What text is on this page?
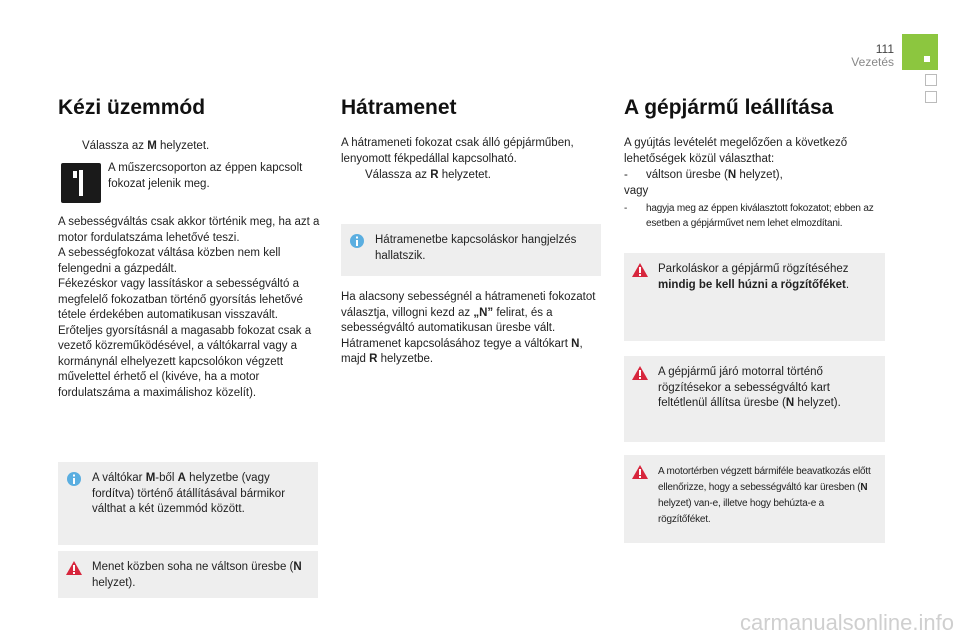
111
Vezetés
Kézi üzemmód
Válassza az M helyzetet.
A műszercsoporton az éppen kapcsolt fokozat jelenik meg.
A sebességváltás csak akkor történik meg, ha azt a motor fordulatszáma lehetővé teszi.
A sebességfokozat váltása közben nem kell felengedni a gázpedált.
Fékezéskor vagy lassításkor a sebességváltó a megfelelő fokozatban történő gyorsítás lehetővé tétele érdekében automatikusan visszavált.
Erőteljes gyorsításnál a magasabb fokozat csak a vezető közreműködésével, a váltókarral vagy a kormánynál elhelyezett kapcsolókon végzett művelettel érhető el (kivéve, ha a motor fordulatszáma a maximálishoz közelít).
A váltókar M-ből A helyzetbe (vagy fordítva) történő átállításával bármikor válthat a két üzemmód között.
Menet közben soha ne váltson üresbe (N helyzet).
Hátramenet
A hátrameneti fokozat csak álló gépjárműben, lenyomott fékpedállal kapcsolható.
Válassza az R helyzetet.
Hátramenetbe kapcsoláskor hangjelzés hallatszik.
Ha alacsony sebességnél a hátrameneti fokozatot választja, villogni kezd az „N” felirat, és a sebességváltó automatikusan üresbe vált. Hátramenet kapcsolásához tegye a váltókart N, majd R helyzetbe.
A gépjármű leállítása
A gyújtás levételét megelőzően a következő lehetőségek közül választhat:
-	váltson üresbe (N helyzet),
vagy
-	hagyja meg az éppen kiválasztott fokozatot; ebben az esetben a gépjárművet nem lehet elmozdítani.
Parkoláskor a gépjármű rögzítéséhez mindig be kell húzni a rögzítőféket.
A gépjármű járó motorral történő rögzítésekor a sebességváltó kart feltétlenül állítsa üresbe (N helyzet).
A motortérben végzett bármiféle beavatkozás előtt ellenőrizze, hogy a sebességváltó kar üresben (N helyzet) van-e, illetve hogy behúzta-e a rögzítőféket.
carmanualsonline.info
